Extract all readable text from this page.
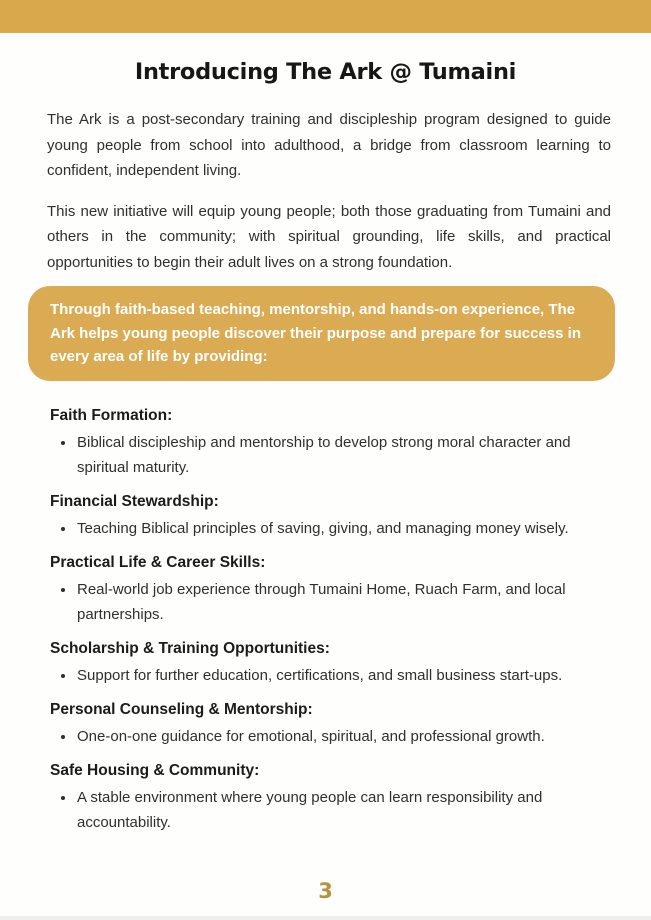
Introducing The Ark @ Tumaini

The Ark is a post-secondary training and discipleship program designed to guide young people from school into adulthood, a bridge from classroom learning to confident, independent living.

This new initiative will equip young people; both those graduating from Tumaini and others in the community; with spiritual grounding, life skills, and practical opportunities to begin their adult lives on a strong foundation.

Through faith-based teaching, mentorship, and hands-on experience, The Ark helps young people discover their purpose and prepare for success in every area of life by providing:
Faith Formation:
• Biblical discipleship and mentorship to develop strong moral character and spiritual maturity.
Financial Stewardship:
• Teaching Biblical principles of saving, giving, and managing money wisely.
Practical Life & Career Skills:
• Real-world job experience through Tumaini Home, Ruach Farm, and local partnerships.
Scholarship & Training Opportunities:
• Support for further education, certifications, and small business start-ups.
Personal Counseling & Mentorship:
• One-on-one guidance for emotional, spiritual, and professional growth.
Safe Housing & Community:
• A stable environment where young people can learn responsibility and accountability.
3
